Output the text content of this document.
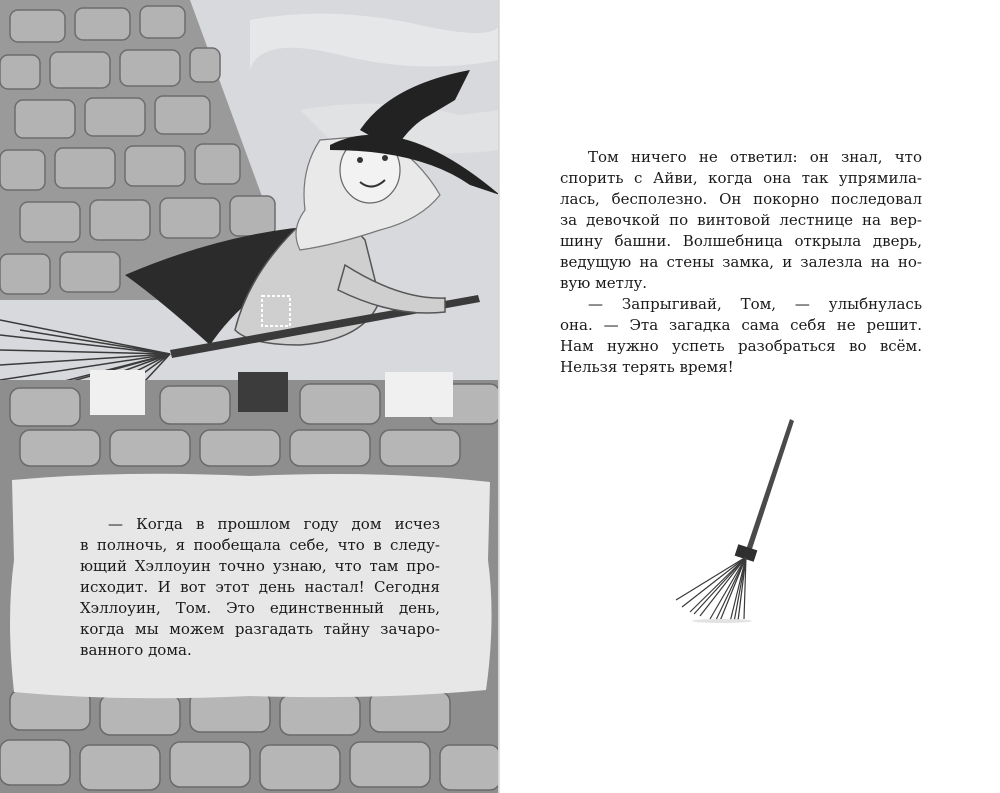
— Когда в прошлом году дом исчез
в полночь, я пообещала себе, что в следу-
ющий Хэллоуин точно узнаю, что там про-
исходит. И вот этот день настал! Сегодня
Хэллоуин, Том. Это единственный день,
когда мы можем разгадать тайну зачаро-
ванного дома.
Том ничего не ответил: он знал, что
спорить с Айви, когда она так упрямила-
лась, бесполезно. Он покорно последовал
за девочкой по винтовой лестнице на вер-
шину башни. Волшебница открыла дверь,
ведущую на стены замка, и залезла на но-
вую метлу.
— Запрыгивай, Том, — улыбнулась
она. — Эта загадка сама себя не решит.
Нам нужно успеть разобраться во всём.
Нельзя терять время!
